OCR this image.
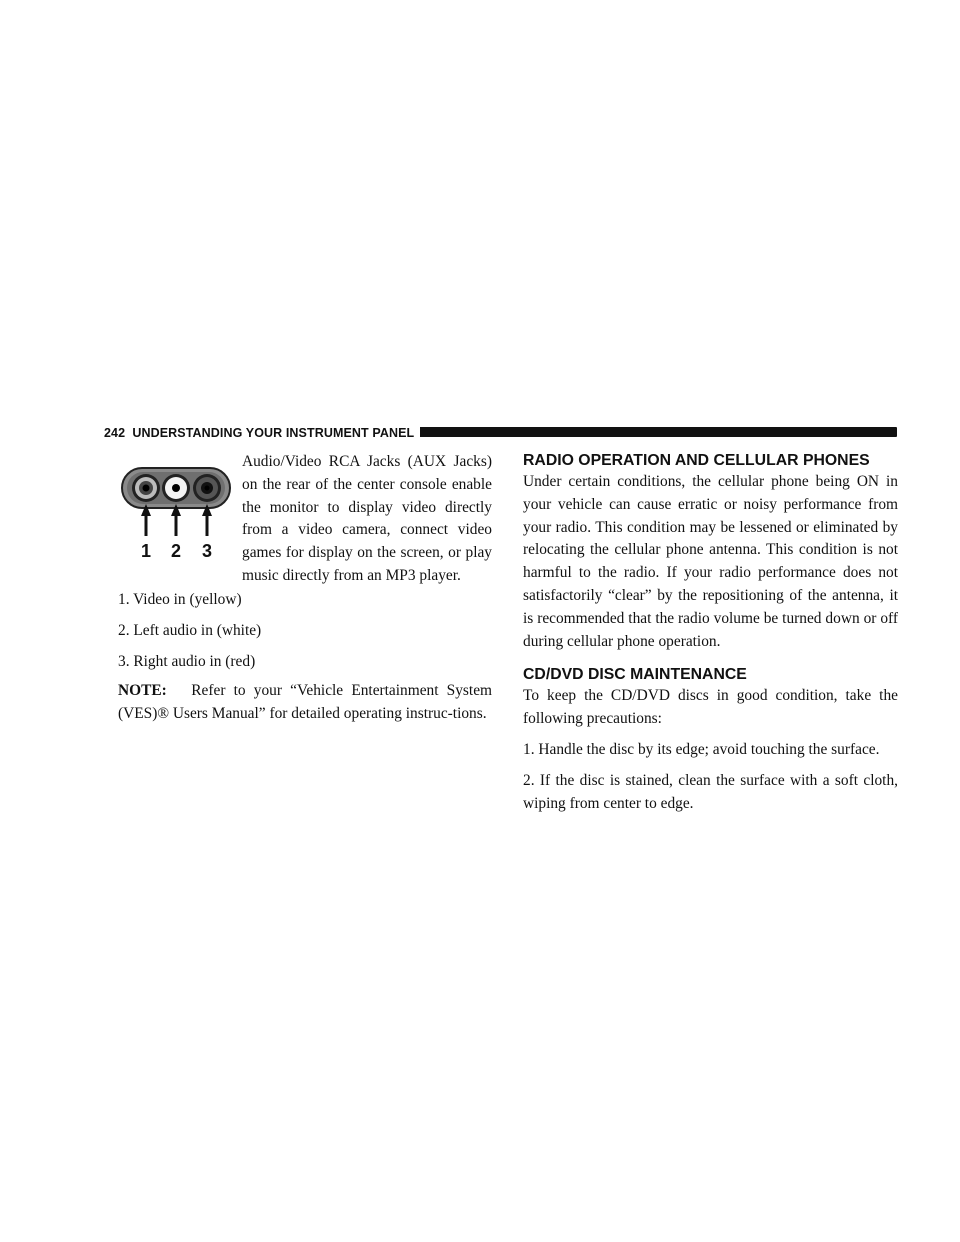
242 UNDERSTANDING YOUR INSTRUMENT PANEL
1 2 3

Audio/Video RCA Jacks (AUX Jacks) on the rear of the center console enable the monitor to display video directly from a video camera, connect video games for display on the screen, or play music directly from an MP3 player.

1. Video in (yellow)
2. Left audio in (white)
3. Right audio in (red)

NOTE: Refer to your “Vehicle Entertainment System (VES)® Users Manual” for detailed operating instruc-tions.

RADIO OPERATION AND CELLULAR PHONES

Under certain conditions, the cellular phone being ON in your vehicle can cause erratic or noisy performance from your radio. This condition may be lessened or eliminated by relocating the cellular phone antenna. This condition is not harmful to the radio. If your radio performance does not satisfactorily “clear” by the repositioning of the antenna, it is recommended that the radio volume be turned down or off during cellular phone operation.

CD/DVD DISC MAINTENANCE

To keep the CD/DVD discs in good condition, take the following precautions:

1. Handle the disc by its edge; avoid touching the surface.

2. If the disc is stained, clean the surface with a soft cloth, wiping from center to edge.
